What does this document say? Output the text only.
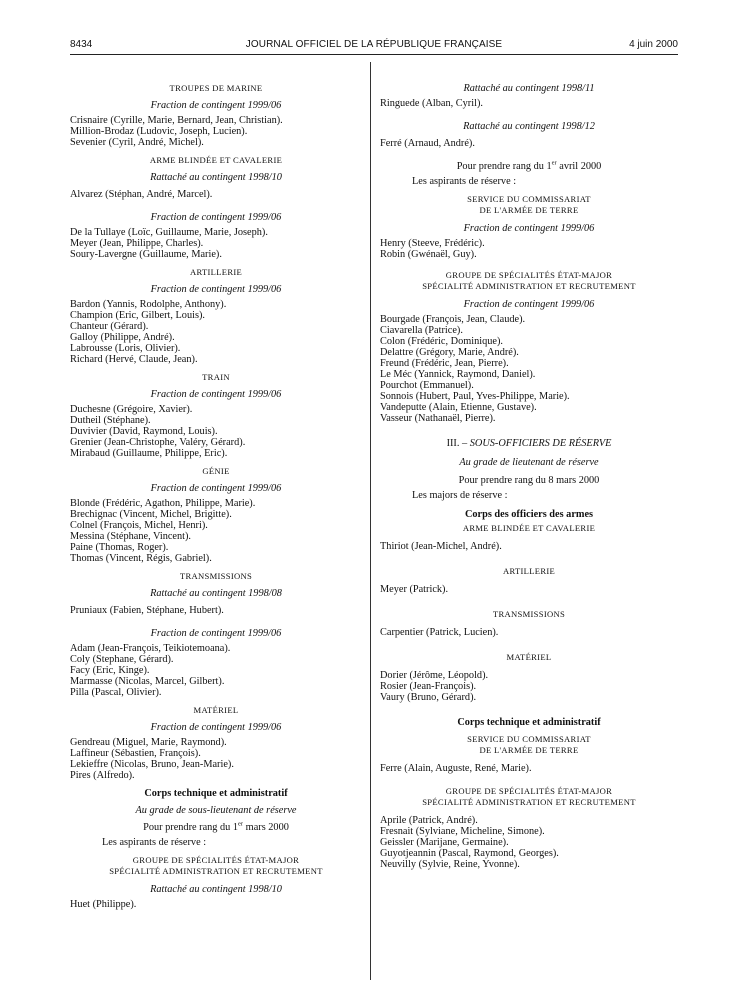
8434	JOURNAL OFFICIEL DE LA RÉPUBLIQUE FRANÇAISE	4 juin 2000
TROUPES DE MARINE
Fraction de contingent 1999/06
Crisnaire (Cyrille, Marie, Bernard, Jean, Christian).
Million-Brodaz (Ludovic, Joseph, Lucien).
Sevenier (Cyril, André, Michel).
ARME BLINDÉE ET CAVALERIE
Rattaché au contingent 1998/10
Alvarez (Stéphan, André, Marcel).
Fraction de contingent 1999/06
De la Tullaye (Loïc, Guillaume, Marie, Joseph).
Meyer (Jean, Philippe, Charles).
Soury-Lavergne (Guillaume, Marie).
ARTILLERIE
Fraction de contingent 1999/06
Bardon (Yannis, Rodolphe, Anthony).
Champion (Eric, Gilbert, Louis).
Chanteur (Gérard).
Galloy (Philippe, André).
Labrousse (Loris, Olivier).
Richard (Hervé, Claude, Jean).
TRAIN
Fraction de contingent 1999/06
Duchesne (Grégoire, Xavier).
Dutheil (Stéphane).
Duvivier (David, Raymond, Louis).
Grenier (Jean-Christophe, Valéry, Gérard).
Mirabaud (Guillaume, Philippe, Eric).
GÉNIE
Fraction de contingent 1999/06
Blonde (Frédéric, Agathon, Philippe, Marie).
Brechignac (Vincent, Michel, Brigitte).
Colnel (François, Michel, Henri).
Messina (Stéphane, Vincent).
Paine (Thomas, Roger).
Thomas (Vincent, Régis, Gabriel).
TRANSMISSIONS
Rattaché au contingent 1998/08
Pruniaux (Fabien, Stéphane, Hubert).
Fraction de contingent 1999/06
Adam (Jean-François, Teikiotemoana).
Coly (Stephane, Gérard).
Facy (Eric, Kinge).
Marmasse (Nicolas, Marcel, Gilbert).
Pilla (Pascal, Olivier).
MATÉRIEL
Fraction de contingent 1999/06
Gendreau (Miguel, Marie, Raymond).
Laffineur (Sébastien, François).
Lekieffre (Nicolas, Bruno, Jean-Marie).
Pires (Alfredo).
Corps technique et administratif
Au grade de sous-lieutenant de réserve
Pour prendre rang du 1er mars 2000
Les aspirants de réserve :
GROUPE DE SPÉCIALITÉS ÉTAT-MAJOR
SPÉCIALITÉ ADMINISTRATION ET RECRUTEMENT
Rattaché au contingent 1998/10
Huet (Philippe).
Rattaché au contingent 1998/11
Ringuede (Alban, Cyril).
Rattaché au contingent 1998/12
Ferré (Arnaud, André).
Pour prendre rang du 1er avril 2000
Les aspirants de réserve :
SERVICE DU COMMISSARIAT
DE L'ARMÉE DE TERRE
Fraction de contingent 1999/06
Henry (Steeve, Frédéric).
Robin (Gwénaël, Guy).
GROUPE DE SPÉCIALITÉS ÉTAT-MAJOR
SPÉCIALITÉ ADMINISTRATION ET RECRUTEMENT
Fraction de contingent 1999/06
Bourgade (François, Jean, Claude).
Ciavarella (Patrice).
Colon (Frédéric, Dominique).
Delattre (Grégory, Marie, André).
Freund (Frédéric, Jean, Pierre).
Le Méc (Yannick, Raymond, Daniel).
Pourchot (Emmanuel).
Sonnois (Hubert, Paul, Yves-Philippe, Marie).
Vandeputte (Alain, Etienne, Gustave).
Vasseur (Nathanaël, Pierre).
III. – SOUS-OFFICIERS DE RÉSERVE
Au grade de lieutenant de réserve
Pour prendre rang du 8 mars 2000
Les majors de réserve :
Corps des officiers des armes
ARME BLINDÉE ET CAVALERIE
Thiriot (Jean-Michel, André).
ARTILLERIE
Meyer (Patrick).
TRANSMISSIONS
Carpentier (Patrick, Lucien).
MATÉRIEL
Dorier (Jérôme, Léopold).
Rosier (Jean-François).
Vaury (Bruno, Gérard).
Corps technique et administratif
SERVICE DU COMMISSARIAT
DE L'ARMÉE DE TERRE
Ferre (Alain, Auguste, René, Marie).
GROUPE DE SPÉCIALITÉS ÉTAT-MAJOR
SPÉCIALITÉ ADMINISTRATION ET RECRUTEMENT
Aprile (Patrick, André).
Fresnait (Sylviane, Micheline, Simone).
Geissler (Marijane, Germaine).
Guyotjeannin (Pascal, Raymond, Georges).
Neuvilly (Sylvie, Reine, Yvonne).
